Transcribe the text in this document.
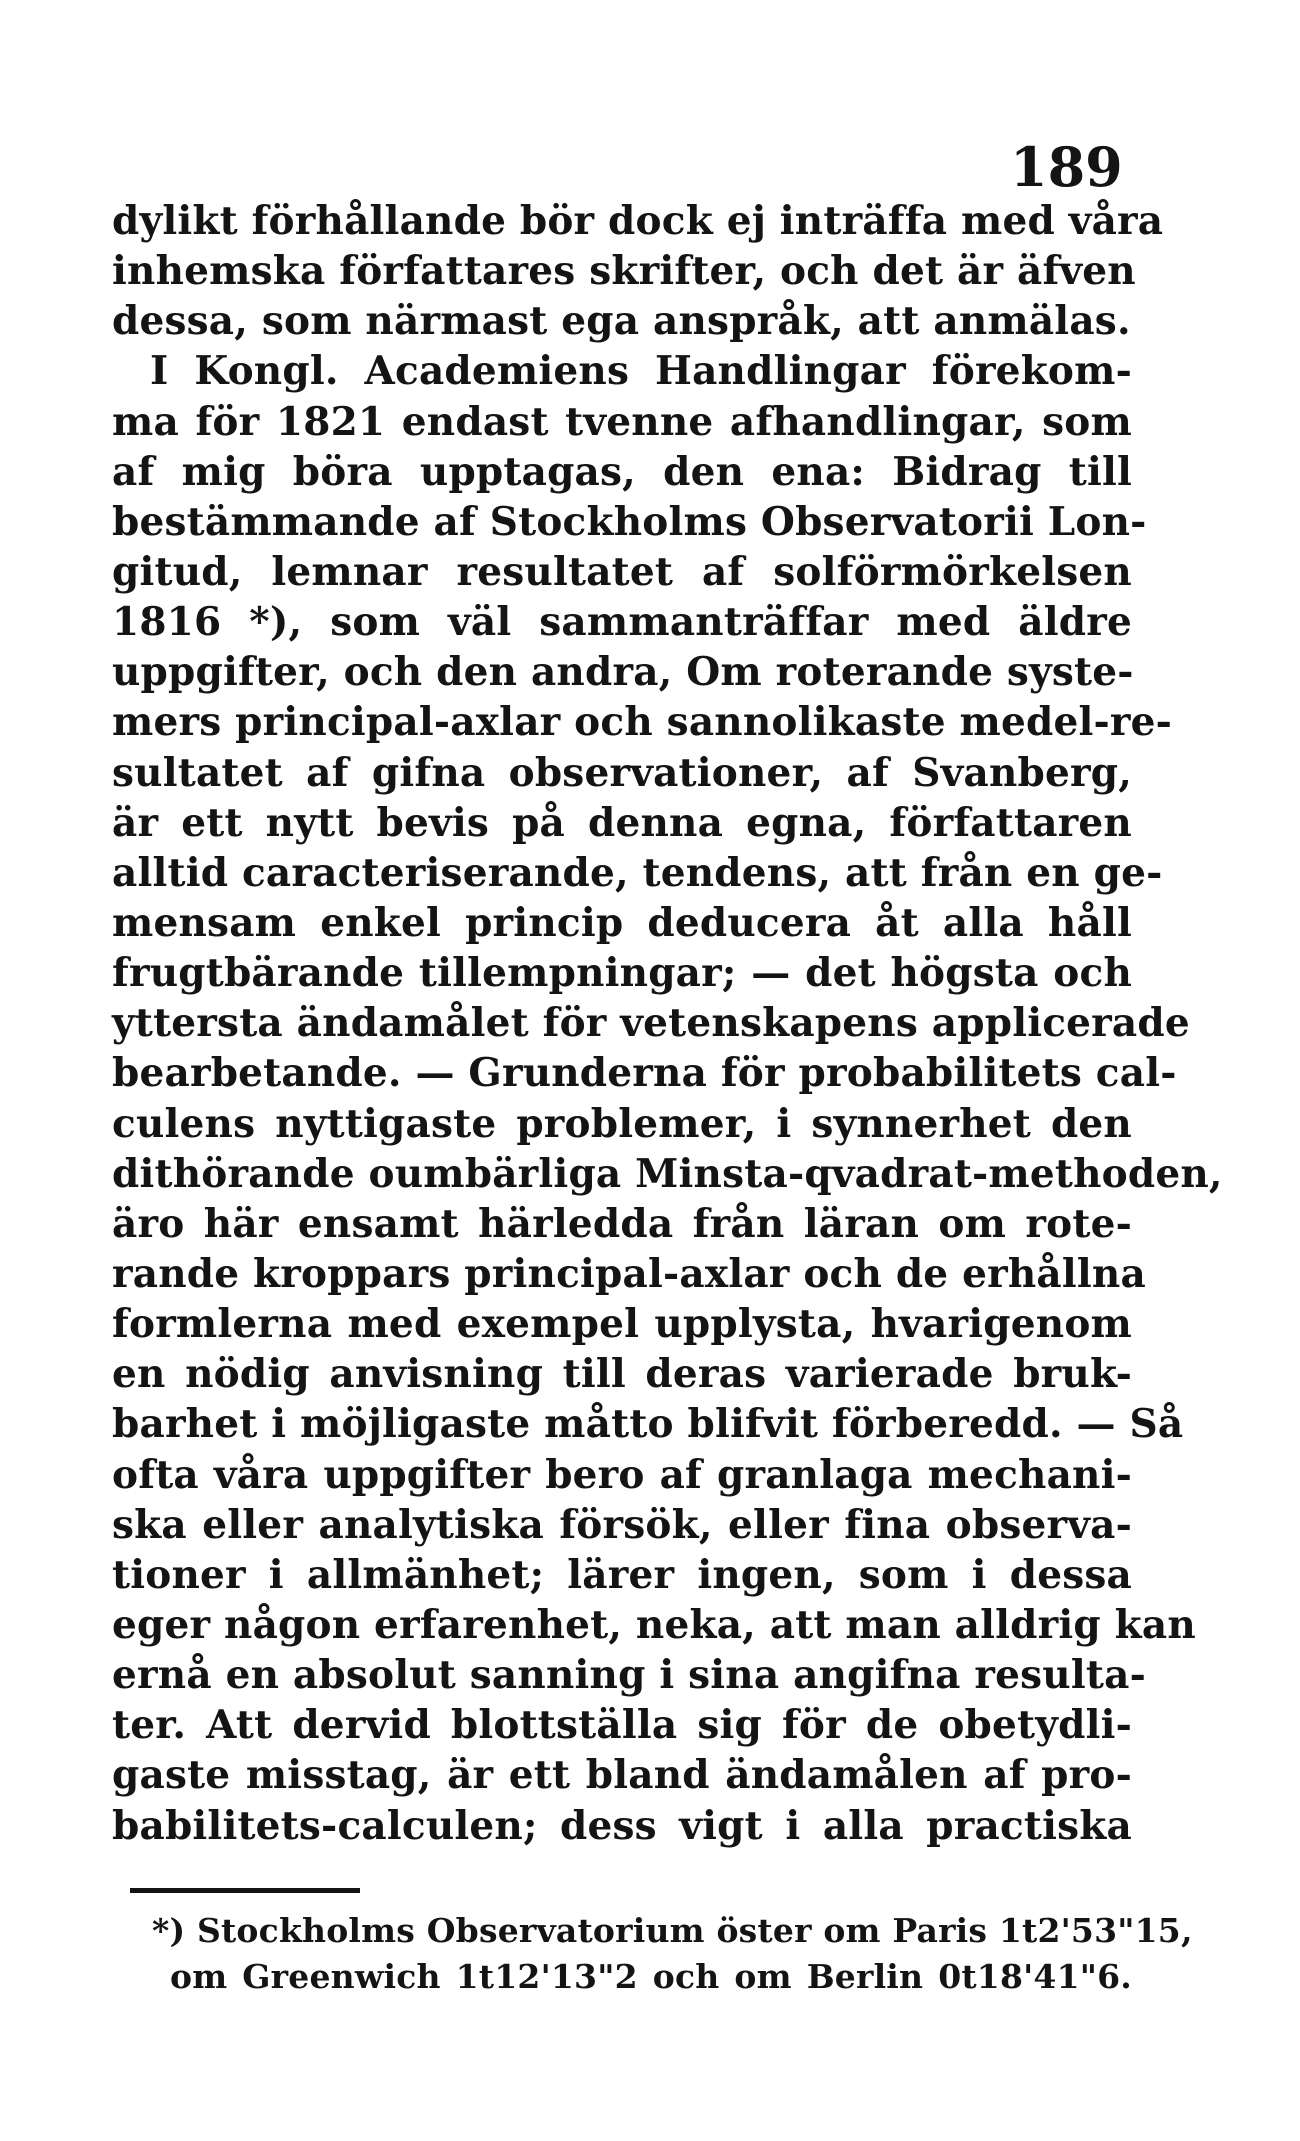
189
dylikt förhållande bör dock ej inträffa med våra
inhemska författares skrifter, och det är äfven
dessa, som närmast ega anspråk, att anmälas.
I Kongl. Academiens Handlingar förekom-
ma för 1821 endast tvenne afhandlingar, som
af mig böra upptagas, den ena: Bidrag till
bestämmande af Stockholms Observatorii Lon-
gitud, lemnar resultatet af solförmörkelsen
1816 *), som väl sammanträffar med äldre
uppgifter, och den andra, Om roterande syste-
mers principal-axlar och sannolikaste medel-re-
sultatet af gifna observationer, af Svanberg,
är ett nytt bevis på denna egna, författaren
alltid caracteriserande, tendens, att från en ge-
mensam enkel princip deducera åt alla håll
frugtbärande tillempningar; — det högsta och
yttersta ändamålet för vetenskapens applicerade
bearbetande. — Grunderna för probabilitets cal-
culens nyttigaste problemer, i synnerhet den
dithörande oumbärliga Minsta-qvadrat-methoden,
äro här ensamt härledda från läran om rote-
rande kroppars principal-axlar och de erhållna
formlerna med exempel upplysta, hvarigenom
en nödig anvisning till deras varierade bruk-
barhet i möjligaste måtto blifvit förberedd. — Så
ofta våra uppgifter bero af granlaga mechani-
ska eller analytiska försök, eller fina observa-
tioner i allmänhet; lärer ingen, som i dessa
eger någon erfarenhet, neka, att man alldrig kan
ernå en absolut sanning i sina angifna resulta-
ter. Att dervid blottställa sig för de obetydli-
gaste misstag, är ett bland ändamålen af pro-
babilitets-calculen; dess vigt i alla practiska
*) Stockholms Observatorium öster om Paris 1t2'53"15,
om Greenwich 1t12'13"2 och om Berlin 0t18'41"6.
